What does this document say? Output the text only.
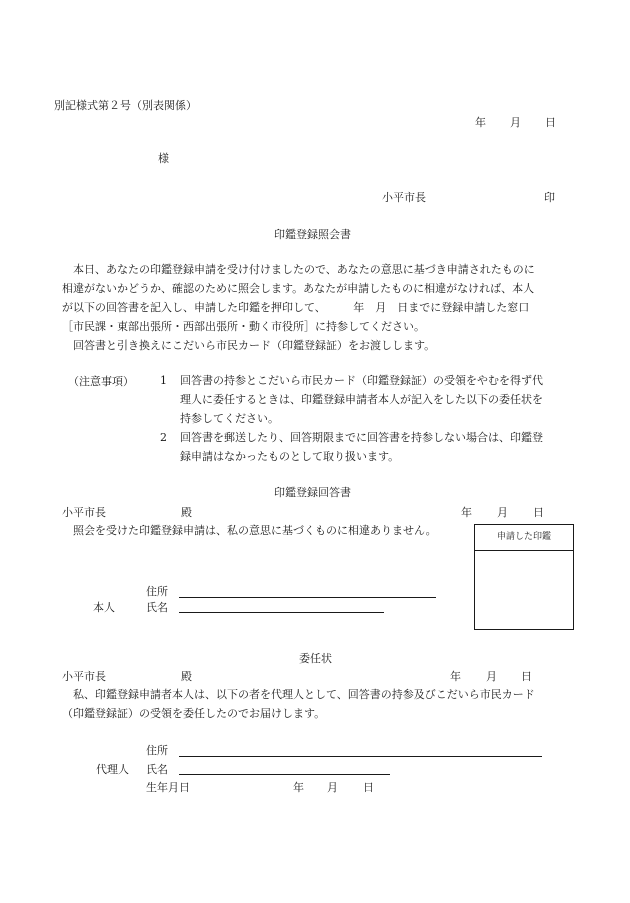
別記様式第２号（別表関係）
年 月 日
様
小平市長	印
印鑑登録照会書
　本日、あなたの印鑑登録申請を受け付けましたので、あなたの意思に基づき申請されたものに
相違がないかどうか、確認のために照会します。あなたが申請したものに相違がなければ、本人
が以下の回答書を記入し、申請した印鑑を押印して、　　　年　月　日までに登録申請した窓口
［市民課・東部出張所・西部出張所・動く市役所］に持参してください。
　回答書と引き換えにこだいら市民カード（印鑑登録証）をお渡しします。
（注意事項） 1 回答書の持参とこだいら市民カード（印鑑登録証）の受領をやむを得ず代
理人に委任するときは、印鑑登録申請者本人が記入をした以下の委任状を
持参してください。
2 回答書を郵送したり、回答期限までに回答書を持参しない場合は、印鑑登
録申請はなかったものとして取り扱います。
印鑑登録回答書
小平市長	殿	年 月 日
　照会を受けた印鑑登録申請は、私の意思に基づくものに相違ありません。	申請した印鑑
住所
本人	氏名
委任状
小平市長	殿	年 月 日
　私、印鑑登録申請者本人は、以下の者を代理人として、回答書の持参及びこだいら市民カード
（印鑑登録証）の受領を委任したのでお届けします。
住所
代理人 氏名
生年月日	年 月 日
